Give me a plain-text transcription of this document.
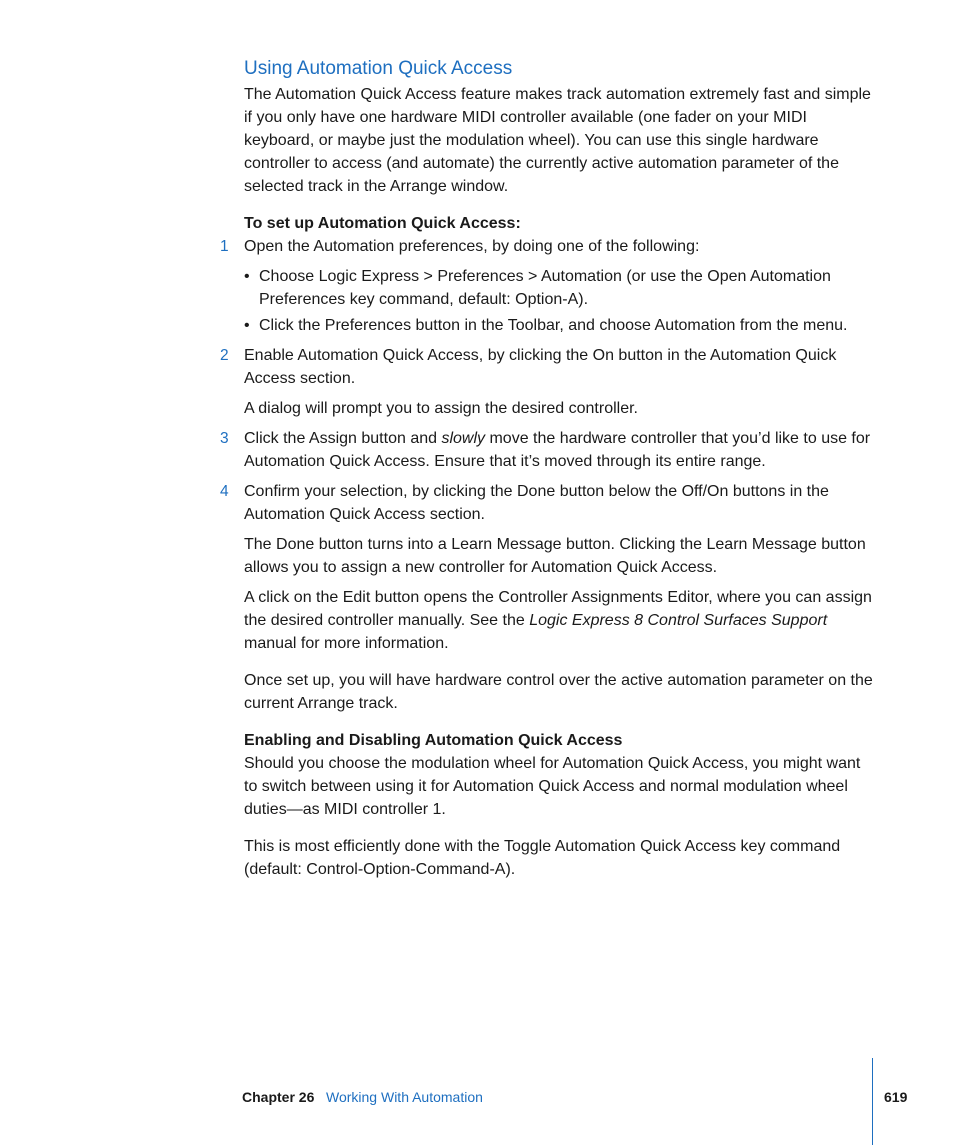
Using Automation Quick Access

The Automation Quick Access feature makes track automation extremely fast and simple if you only have one hardware MIDI controller available (one fader on your MIDI keyboard, or maybe just the modulation wheel). You can use this single hardware controller to access (and automate) the currently active automation parameter of the selected track in the Arrange window.

To set up Automation Quick Access:

1 Open the Automation preferences, by doing one of the following:

• Choose Logic Express > Preferences > Automation (or use the Open Automation Preferences key command, default: Option-A).

• Click the Preferences button in the Toolbar, and choose Automation from the menu.

2 Enable Automation Quick Access, by clicking the On button in the Automation Quick Access section.

A dialog will prompt you to assign the desired controller.

3 Click the Assign button and slowly move the hardware controller that you’d like to use for Automation Quick Access. Ensure that it’s moved through its entire range.

4 Confirm your selection, by clicking the Done button below the Off/On buttons in the Automation Quick Access section.

The Done button turns into a Learn Message button. Clicking the Learn Message button allows you to assign a new controller for Automation Quick Access.

A click on the Edit button opens the Controller Assignments Editor, where you can assign the desired controller manually. See the Logic Express 8 Control Surfaces Support manual for more information.

Once set up, you will have hardware control over the active automation parameter on the current Arrange track.

Enabling and Disabling Automation Quick Access

Should you choose the modulation wheel for Automation Quick Access, you might want to switch between using it for Automation Quick Access and normal modulation wheel duties—as MIDI controller 1.

This is most efficiently done with the Toggle Automation Quick Access key command (default: Control-Option-Command-A).

Chapter 26 Working With Automation	619
